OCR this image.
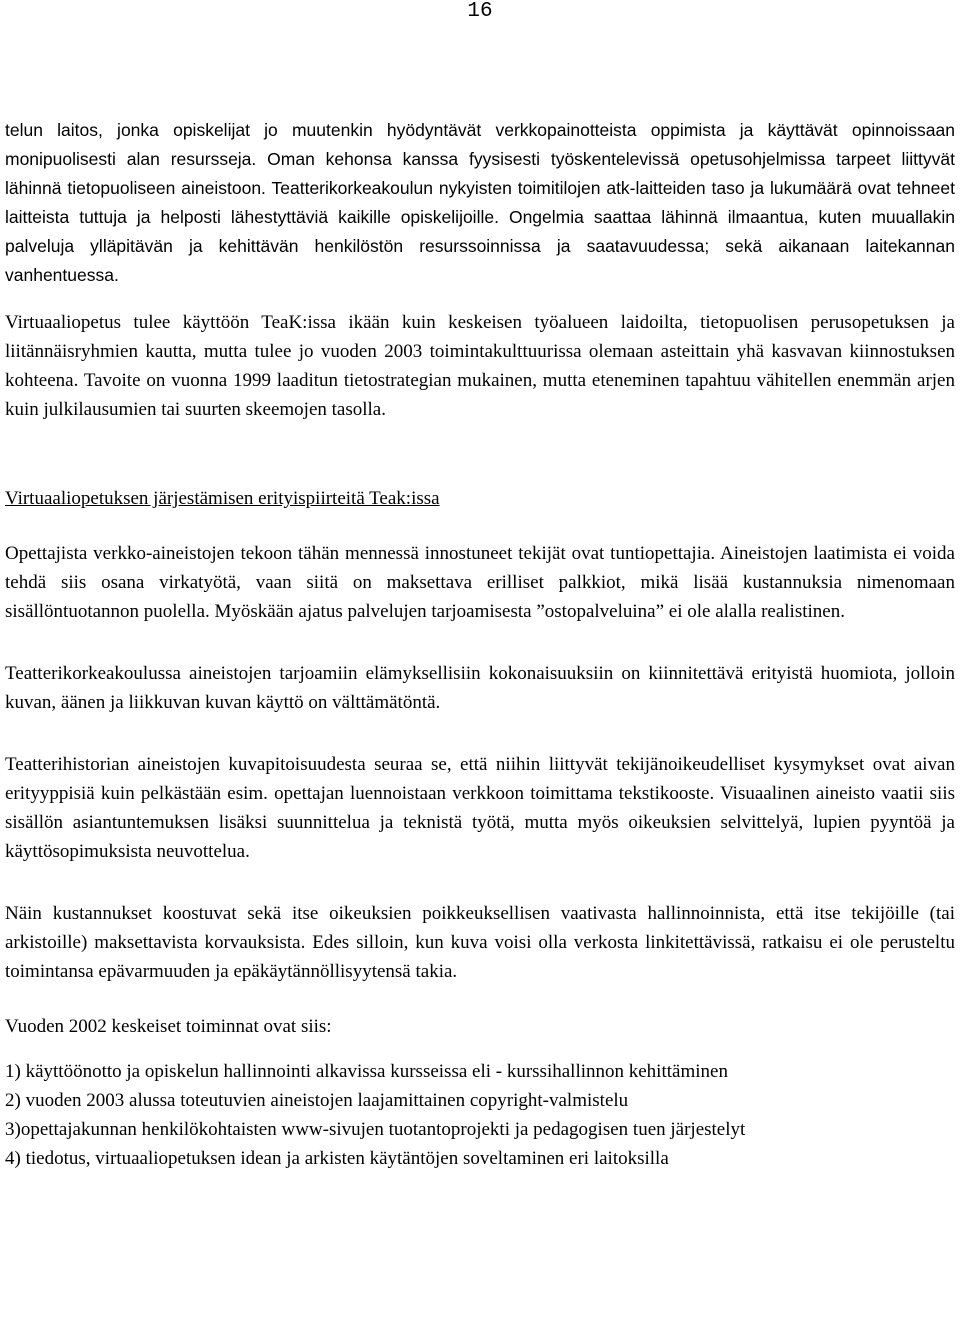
16

telun laitos, jonka opiskelijat jo muutenkin hyödyntävät verkkopainotteista oppimista ja käyttävät opinnoissaan monipuolisesti alan resursseja. Oman kehonsa kanssa fyysisesti työskentelevissä opetusohjelmissa tarpeet liittyvät lähinnä tietopuoliseen aineistoon. Teatterikorkeakoulun nykyisten toimitilojen atk-laitteiden taso ja lukumäärä ovat tehneet laitteista tuttuja ja helposti lähestyttäviä kaikille opiskelijoille. Ongelmia saattaa lähinnä ilmaantua, kuten muuallakin palveluja ylläpitävän ja kehittävän henkilöstön resurssoinnissa ja saatavuudessa; sekä aikanaan laitekannan vanhentuessa.

Virtuaaliopetus tulee käyttöön TeaK:issa ikään kuin keskeisen työalueen laidoilta, tietopuolisen perusopetuksen ja liitännäisryhmien kautta, mutta tulee jo vuoden 2003 toimintakulttuurissa olemaan asteittain yhä kasvavan kiinnostuksen kohteena. Tavoite on vuonna 1999 laaditun tietostrategian mukainen, mutta eteneminen tapahtuu vähitellen enemmän arjen kuin julkilausumien tai suurten skeemojen tasolla.

Virtuaaliopetuksen järjestämisen erityispiirteitä Teak:issa

Opettajista verkko-aineistojen tekoon tähän mennessä innostuneet tekijät ovat tuntiopettajia. Aineistojen laatimista ei voida tehdä siis osana virkatyötä, vaan siitä on maksettava erilliset palkkiot, mikä lisää kustannuksia nimenomaan sisällöntuotannon puolella. Myöskään ajatus palvelujen tarjoamisesta ”ostopalveluina” ei ole alalla realistinen.

Teatterikorkeakoulussa aineistojen tarjoamiin elämyksellisiin kokonaisuuksiin on kiinnitettävä erityistä huomiota, jolloin kuvan, äänen ja liikkuvan kuvan käyttö on välttämätöntä.

Teatterihistorian aineistojen kuvapitoisuudesta seuraa se, että niihin liittyvät tekijänoikeudelliset kysymykset ovat aivan erityyppisiä kuin pelkästään esim. opettajan luennoistaan verkkoon toimittama tekstikooste. Visuaalinen aineisto vaatii siis sisällön asiantuntemuksen lisäksi suunnittelua ja teknistä työtä, mutta myös oikeuksien selvittelyä, lupien pyyntöä ja käyttösopimuksista neuvottelua.

Näin kustannukset koostuvat sekä itse oikeuksien poikkeuksellisen vaativasta hallinnoinnista, että itse tekijöille (tai arkistoille) maksettavista korvauksista. Edes silloin, kun kuva voisi olla verkosta linkitettävissä, ratkaisu ei ole perusteltu toimintansa epävarmuuden ja epäkäytännöllisyytensä takia.

Vuoden 2002 keskeiset toiminnat ovat siis:

1) käyttöönotto ja opiskelun hallinnointi alkavissa kursseissa eli - kurssihallinnon kehittäminen
2) vuoden 2003 alussa toteutuvien aineistojen laajamittainen copyright-valmistelu
3)opettajakunnan henkilökohtaisten www-sivujen tuotantoprojekti ja pedagogisen tuen järjestelyt
4) tiedotus, virtuaaliopetuksen idean ja arkisten käytäntöjen soveltaminen eri laitoksilla
